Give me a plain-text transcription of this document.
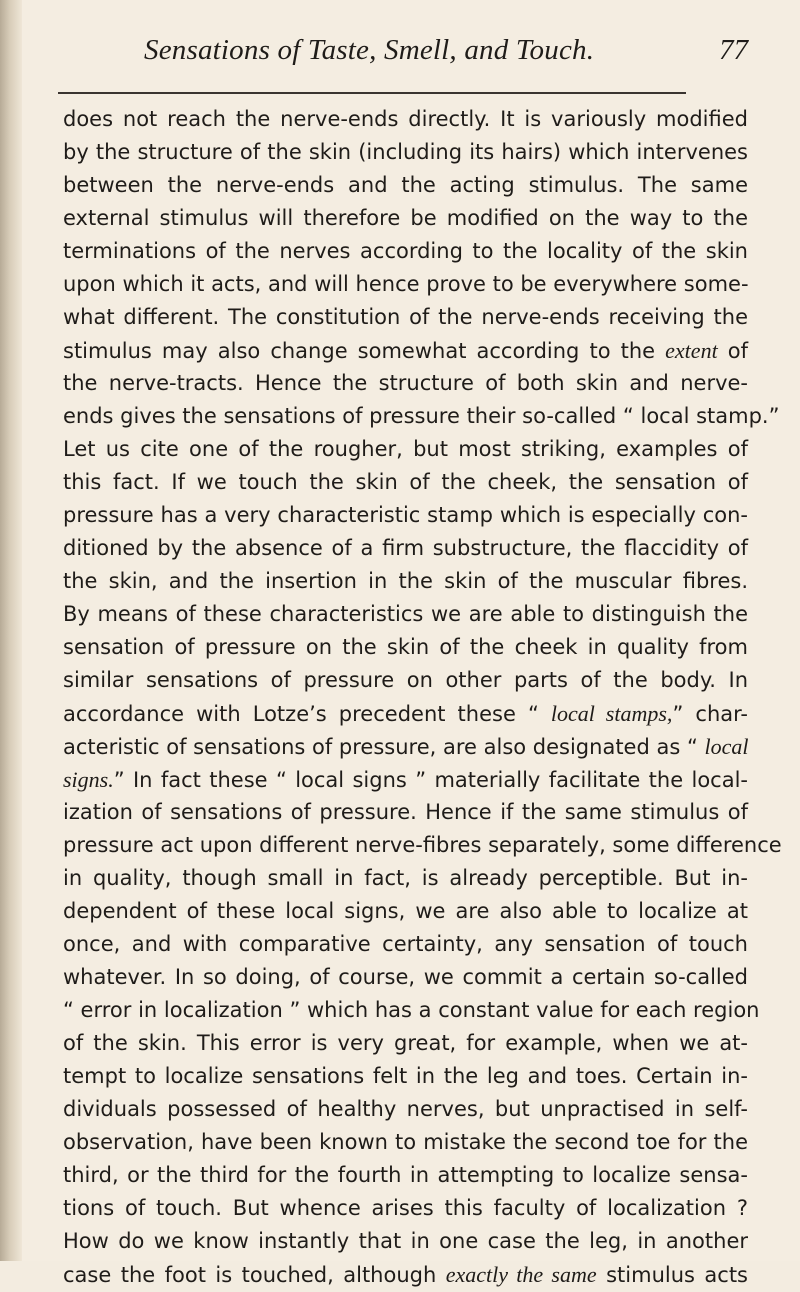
Sensations of Taste, Smell, and Touch.	77
does not reach the nerve-ends directly. It is variously modified
by the structure of the skin (including its hairs) which intervenes
between the nerve-ends and the acting stimulus. The same
external stimulus will therefore be modified on the way to the
terminations of the nerves according to the locality of the skin
upon which it acts, and will hence prove to be everywhere some-
what different. The constitution of the nerve-ends receiving the
stimulus may also change somewhat according to the extent of
the nerve-tracts. Hence the structure of both skin and nerve-
ends gives the sensations of pressure their so-called “ local stamp.”
Let us cite one of the rougher, but most striking, examples of
this fact. If we touch the skin of the cheek, the sensation of
pressure has a very characteristic stamp which is especially con-
ditioned by the absence of a firm substructure, the flaccidity of
the skin, and the insertion in the skin of the muscular fibres.
By means of these characteristics we are able to distinguish the
sensation of pressure on the skin of the cheek in quality from
similar sensations of pressure on other parts of the body. In
accordance with Lotze’s precedent these “ local stamps,” char-
acteristic of sensations of pressure, are also designated as “ local
signs.” In fact these “ local signs ” materially facilitate the local-
ization of sensations of pressure. Hence if the same stimulus of
pressure act upon different nerve-fibres separately, some difference
in quality, though small in fact, is already perceptible. But in-
dependent of these local signs, we are also able to localize at
once, and with comparative certainty, any sensation of touch
whatever. In so doing, of course, we commit a certain so-called
“ error in localization ” which has a constant value for each region
of the skin. This error is very great, for example, when we at-
tempt to localize sensations felt in the leg and toes. Certain in-
dividuals possessed of healthy nerves, but unpractised in self-
observation, have been known to mistake the second toe for the
third, or the third for the fourth in attempting to localize sensa-
tions of touch. But whence arises this faculty of localization ?
How do we know instantly that in one case the leg, in another
case the foot is touched, although exactly the same stimulus acts
